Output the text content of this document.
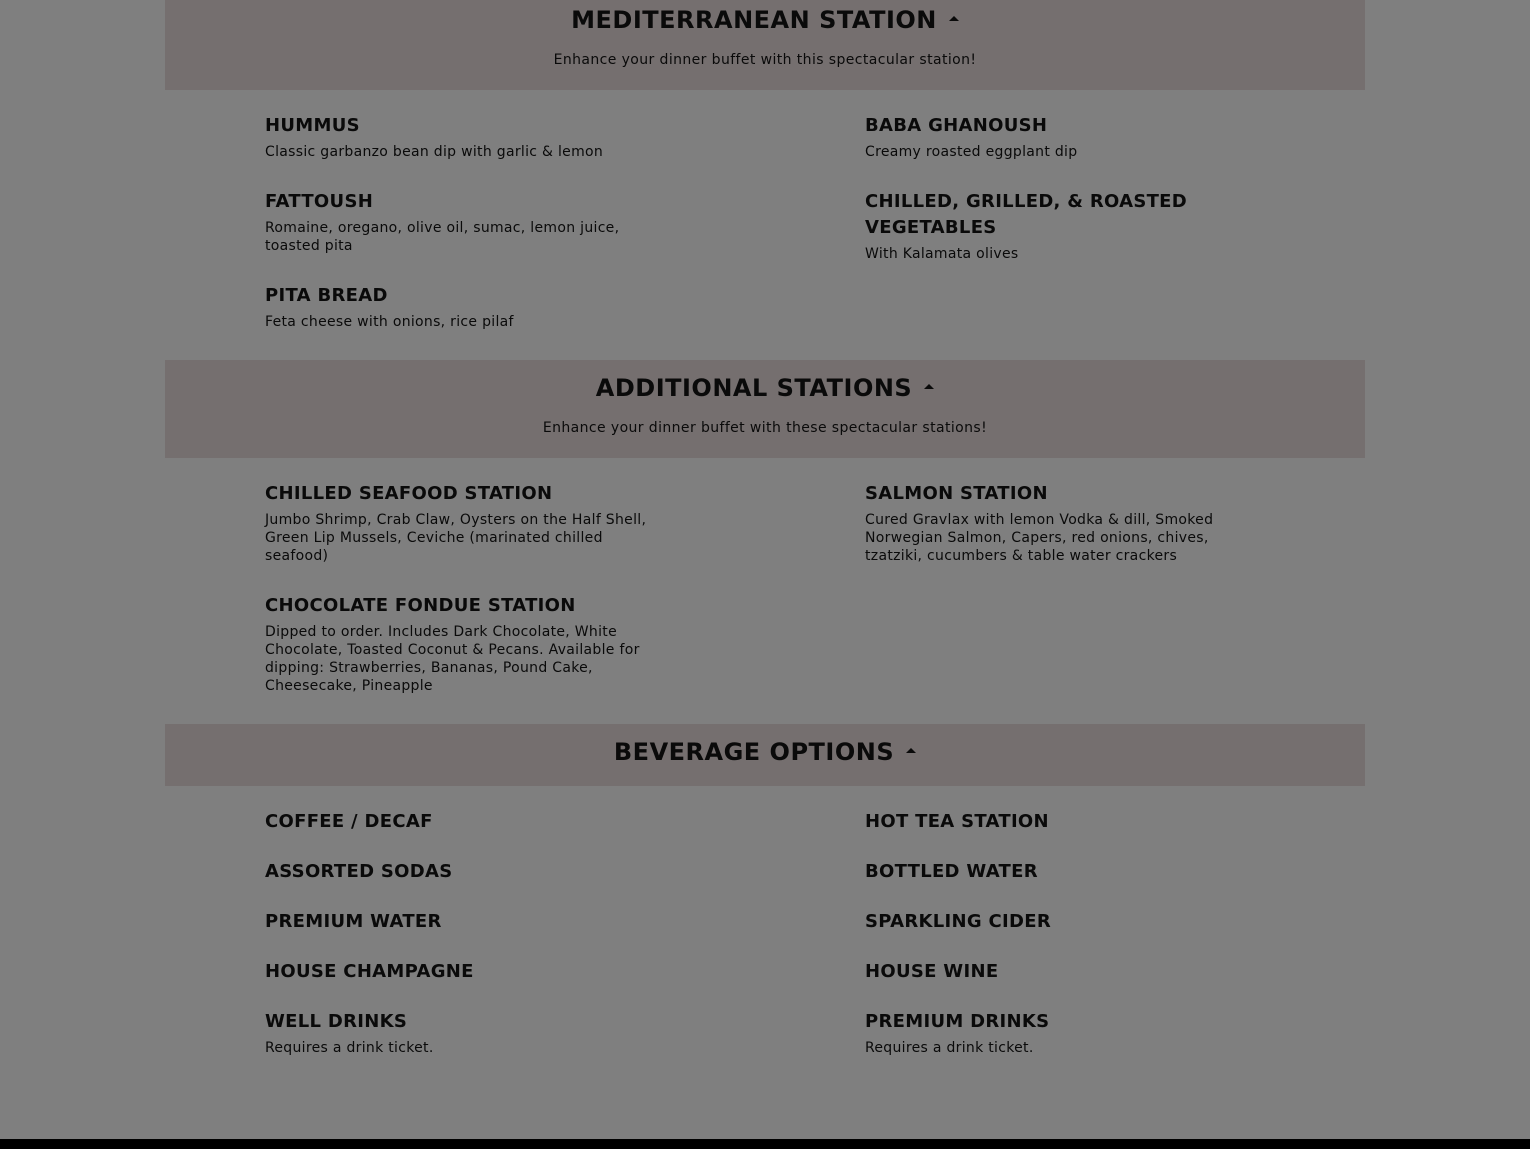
MEDITERRANEAN STATION
Enhance your dinner buffet with this spectacular station!
HUMMUS
Classic garbanzo bean dip with garlic & lemon
BABA GHANOUSH
Creamy roasted eggplant dip
FATTOUSH
Romaine, oregano, olive oil, sumac, lemon juice, toasted pita
CHILLED, GRILLED, & ROASTED VEGETABLES
With Kalamata olives
PITA BREAD
Feta cheese with onions, rice pilaf
ADDITIONAL STATIONS
Enhance your dinner buffet with these spectacular stations!
CHILLED SEAFOOD STATION
Jumbo Shrimp, Crab Claw, Oysters on the Half Shell, Green Lip Mussels, Ceviche (marinated chilled seafood)
SALMON STATION
Cured Gravlax with lemon Vodka & dill, Smoked Norwegian Salmon, Capers, red onions, chives, tzatziki, cucumbers & table water crackers
CHOCOLATE FONDUE STATION
Dipped to order. Includes Dark Chocolate, White Chocolate, Toasted Coconut & Pecans. Available for dipping: Strawberries, Bananas, Pound Cake, Cheesecake, Pineapple
BEVERAGE OPTIONS
COFFEE / DECAF	HOT TEA STATION
ASSORTED SODAS	BOTTLED WATER
PREMIUM WATER	SPARKLING CIDER
HOUSE CHAMPAGNE	HOUSE WINE
WELL DRINKS
Requires a drink ticket.
PREMIUM DRINKS
Requires a drink ticket.
